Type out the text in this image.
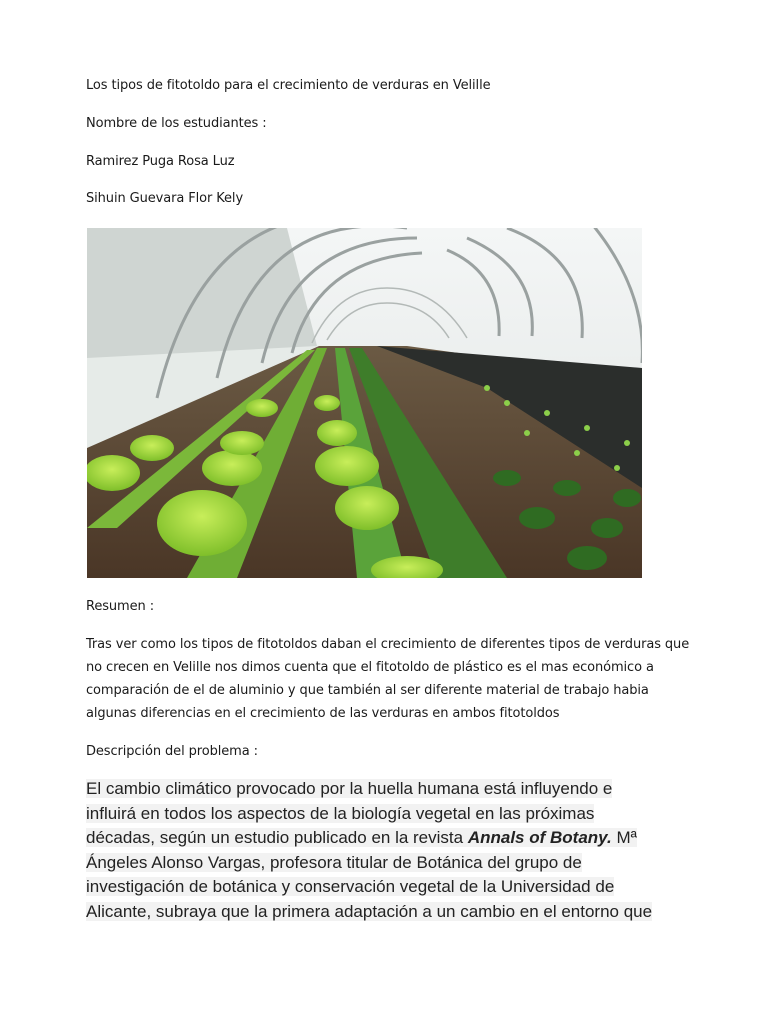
Los tipos de fitotoldo para el crecimiento de verduras en Velille
Nombre de los estudiantes :
Ramirez Puga Rosa Luz
Sihuin Guevara Flor Kely
Resumen :
Tras ver como los tipos de fitotoldos daban el crecimiento de diferentes tipos de verduras que
no crecen en Velille nos dimos cuenta que el fitotoldo de plástico es el mas económico a
comparación de el de aluminio y que también al ser diferente material de trabajo habia
algunas diferencias en el crecimiento de las verduras en ambos fitotoldos
Descripción del problema :
El cambio climático provocado por la huella humana está influyendo e
influirá en todos los aspectos de la biología vegetal en las próximas
décadas, según un estudio publicado en la revista Annals of Botany. Mª
Ángeles Alonso Vargas, profesora titular de Botánica del grupo de
investigación de botánica y conservación vegetal de la Universidad de
Alicante, subraya que la primera adaptación a un cambio en el entorno que
